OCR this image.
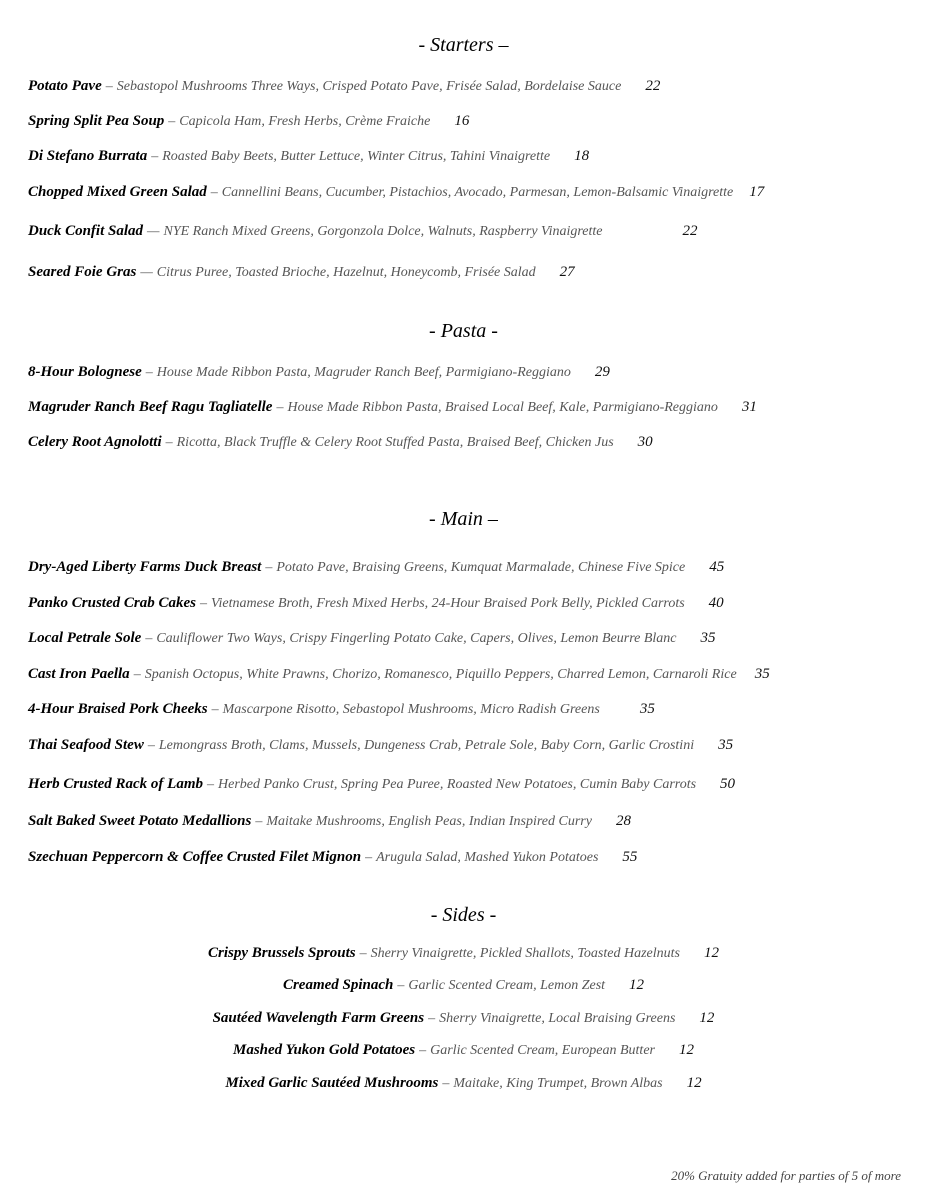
- Starters –
Potato Pave – Sebastopol Mushrooms Three Ways, Crisped Potato Pave, Frisée Salad, Bordelaise Sauce 22
Spring Split Pea Soup – Capicola Ham, Fresh Herbs, Crème Fraiche 16
Di Stefano Burrata – Roasted Baby Beets, Butter Lettuce, Winter Citrus, Tahini Vinaigrette 18
Chopped Mixed Green Salad – Cannellini Beans, Cucumber, Pistachios, Avocado, Parmesan, Lemon-Balsamic Vinaigrette 17
Duck Confit Salad — NYE Ranch Mixed Greens, Gorgonzola Dolce, Walnuts, Raspberry Vinaigrette	22
Seared Foie Gras — Citrus Puree, Toasted Brioche, Hazelnut, Honeycomb, Frisée Salad 27
- Pasta -
8-Hour Bolognese – House Made Ribbon Pasta, Magruder Ranch Beef, Parmigiano-Reggiano 29
Magruder Ranch Beef Ragu Tagliatelle – House Made Ribbon Pasta, Braised Local Beef, Kale, Parmigiano-Reggiano 31
Celery Root Agnolotti – Ricotta, Black Truffle & Celery Root Stuffed Pasta, Braised Beef, Chicken Jus 30
- Main –
Dry-Aged Liberty Farms Duck Breast – Potato Pave, Braising Greens, Kumquat Marmalade, Chinese Five Spice 45
Panko Crusted Crab Cakes – Vietnamese Broth, Fresh Mixed Herbs, 24-Hour Braised Pork Belly, Pickled Carrots 40
Local Petrale Sole – Cauliflower Two Ways, Crispy Fingerling Potato Cake, Capers, Olives, Lemon Beurre Blanc 35
Cast Iron Paella – Spanish Octopus, White Prawns, Chorizo, Romanesco, Piquillo Peppers, Charred Lemon, Carnaroli Rice 35
4-Hour Braised Pork Cheeks – Mascarpone Risotto, Sebastopol Mushrooms, Micro Radish Greens	35
Thai Seafood Stew – Lemongrass Broth, Clams, Mussels, Dungeness Crab, Petrale Sole, Baby Corn, Garlic Crostini 35
Herb Crusted Rack of Lamb – Herbed Panko Crust, Spring Pea Puree, Roasted New Potatoes, Cumin Baby Carrots 50
Salt Baked Sweet Potato Medallions – Maitake Mushrooms, English Peas, Indian Inspired Curry 28
Szechuan Peppercorn & Coffee Crusted Filet Mignon – Arugula Salad, Mashed Yukon Potatoes 55
- Sides -
Crispy Brussels Sprouts – Sherry Vinaigrette, Pickled Shallots, Toasted Hazelnuts 12
Creamed Spinach – Garlic Scented Cream, Lemon Zest 12
Sautéed Wavelength Farm Greens – Sherry Vinaigrette, Local Braising Greens 12
Mashed Yukon Gold Potatoes – Garlic Scented Cream, European Butter 12
Mixed Garlic Sautéed Mushrooms – Maitake, King Trumpet, Brown Albas 12
20% Gratuity added for parties of 5 of more
